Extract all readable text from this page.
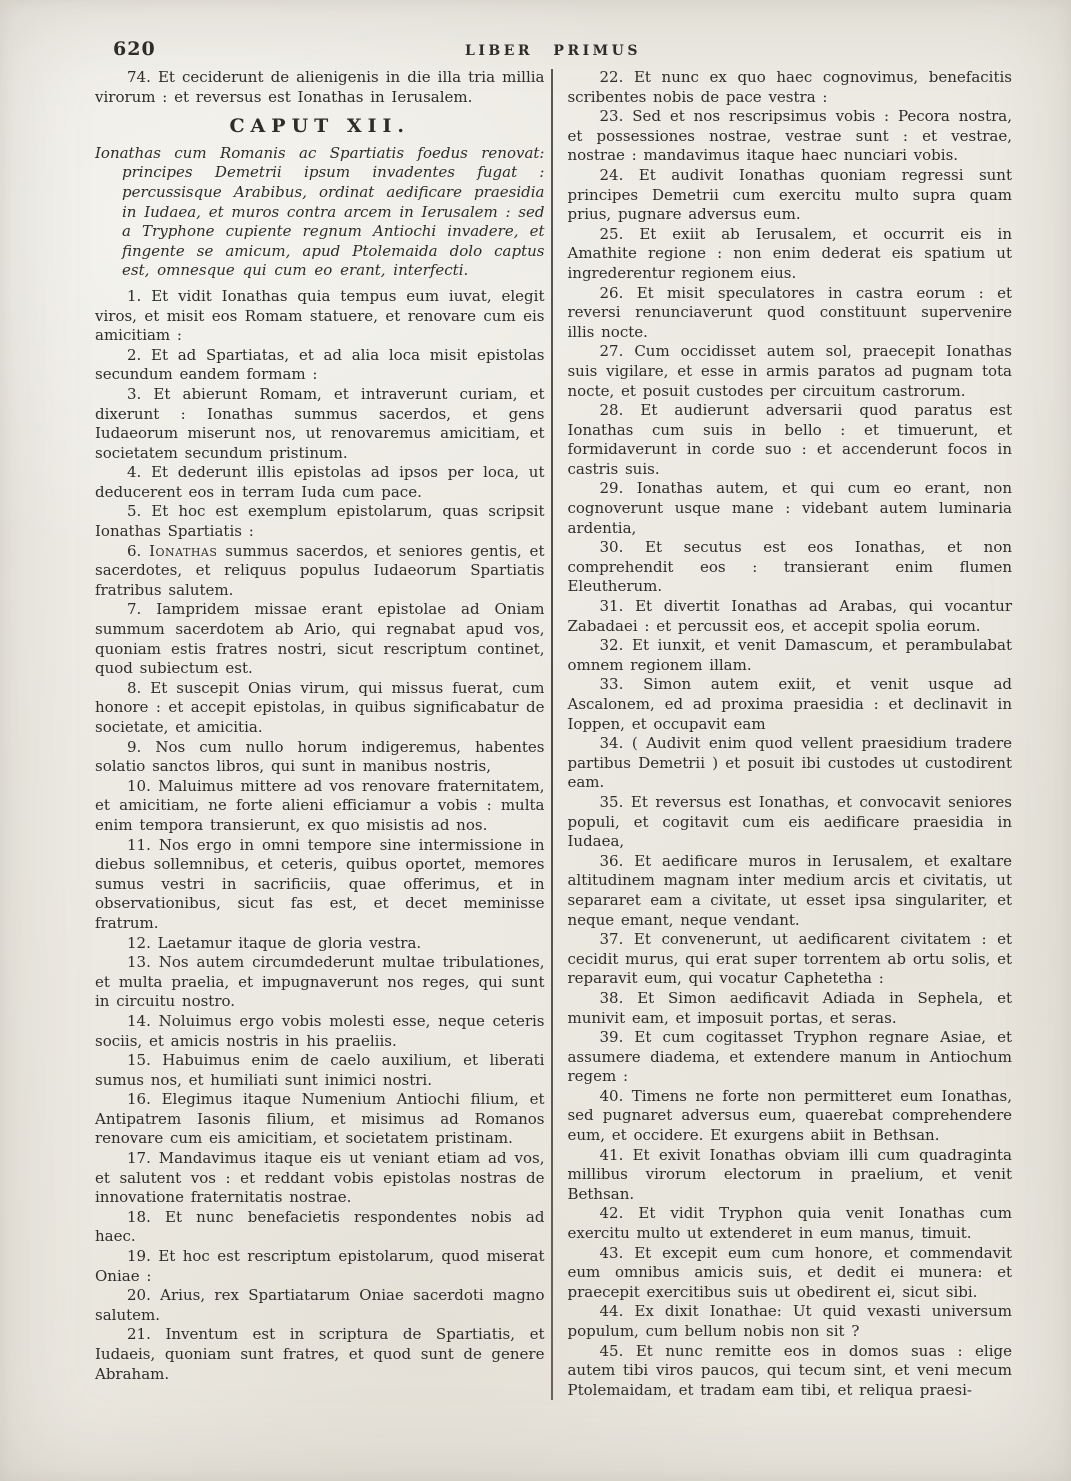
620	LIBER PRIMUS

74. Et ceciderunt de alienigenis in die illa tria millia virorum : et reversus est Ionathas in Ierusalem.

CAPUT XII.

Ionathas cum Romanis ac Spartiatis foedus renovat: principes Demetrii ipsum invadentes fugat : percussisque Arabibus, ordinat aedificare praesidia in Iudaea, et muros contra arcem in Ierusalem : sed a Tryphone cupiente regnum Antiochi invadere, et fingente se amicum, apud Ptolemaida dolo captus est, omnesque qui cum eo erant, interfecti.

1. Et vidit Ionathas quia tempus eum iuvat, elegit viros, et misit eos Romam statuere, et renovare cum eis amicitiam :

2. Et ad Spartiatas, et ad alia loca misit epistolas secundum eandem formam :

3. Et abierunt Romam, et intraverunt curiam, et dixerunt : Ionathas summus sacerdos, et gens Iudaeorum miserunt nos, ut renovaremus amicitiam, et societatem secundum pristinum.

4. Et dederunt illis epistolas ad ipsos per loca, ut deducerent eos in terram Iuda cum pace.

5. Et hoc est exemplum epistolarum, quas scripsit Ionathas Spartiatis :

6. Ionathas summus sacerdos, et seniores gentis, et sacerdotes, et reliquus populus Iudaeorum Spartiatis fratribus salutem.

7. Iampridem missae erant epistolae ad Oniam summum sacerdotem ab Ario, qui regnabat apud vos, quoniam estis fratres nostri, sicut rescriptum continet, quod subiectum est.

8. Et suscepit Onias virum, qui missus fuerat, cum honore : et accepit epistolas, in quibus significabatur de societate, et amicitia.

9. Nos cum nullo horum indigeremus, habentes solatio sanctos libros, qui sunt in manibus nostris,

10. Maluimus mittere ad vos renovare fraternitatem, et amicitiam, ne forte alieni efficiamur a vobis : multa enim tempora transierunt, ex quo misistis ad nos.

11. Nos ergo in omni tempore sine intermissione in diebus sollemnibus, et ceteris, quibus oportet, memores sumus vestri in sacrificiis, quae offerimus, et in observationibus, sicut fas est, et decet meminisse fratrum.

12. Laetamur itaque de gloria vestra.

13. Nos autem circumdederunt multae tribulationes, et multa praelia, et impugnaverunt nos reges, qui sunt in circuitu nostro.

14. Noluimus ergo vobis molesti esse, neque ceteris sociis, et amicis nostris in his praeliis.

15. Habuimus enim de caelo auxilium, et liberati sumus nos, et humiliati sunt inimici nostri.

16. Elegimus itaque Numenium Antiochi filium, et Antipatrem Iasonis filium, et misimus ad Romanos renovare cum eis amicitiam, et societatem pristinam.

17. Mandavimus itaque eis ut veniant etiam ad vos, et salutent vos : et reddant vobis epistolas nostras de innovatione fraternitatis nostrae.

18. Et nunc benefacietis respondentes nobis ad haec.

19. Et hoc est rescriptum epistolarum, quod miserat Oniae :

20. Arius, rex Spartiatarum Oniae sacerdoti magno salutem.

21. Inventum est in scriptura de Spartiatis, et Iudaeis, quoniam sunt fratres, et quod sunt de genere Abraham.

22. Et nunc ex quo haec cognovimus, benefacitis scribentes nobis de pace vestra :

23. Sed et nos rescripsimus vobis : Pecora nostra, et possessiones nostrae, vestrae sunt : et vestrae, nostrae : mandavimus itaque haec nunciari vobis.

24. Et audivit Ionathas quoniam regressi sunt principes Demetrii cum exercitu multo supra quam prius, pugnare adversus eum.

25. Et exiit ab Ierusalem, et occurrit eis in Amathite regione : non enim dederat eis spatium ut ingrederentur regionem eius.

26. Et misit speculatores in castra eorum : et reversi renunciaverunt quod constituunt supervenire illis nocte.

27. Cum occidisset autem sol, praecepit Ionathas suis vigilare, et esse in armis paratos ad pugnam tota nocte, et posuit custodes per circuitum castrorum.

28. Et audierunt adversarii quod paratus est Ionathas cum suis in bello : et timuerunt, et formidaverunt in corde suo : et accenderunt focos in castris suis.

29. Ionathas autem, et qui cum eo erant, non cognoverunt usque mane : videbant autem luminaria ardentia,

30. Et secutus est eos Ionathas, et non comprehendit eos : transierant enim flumen Eleutherum.

31. Et divertit Ionathas ad Arabas, qui vocantur Zabadaei : et percussit eos, et accepit spolia eorum.

32. Et iunxit, et venit Damascum, et perambulabat omnem regionem illam.

33. Simon autem exiit, et venit usque ad Ascalonem, ed ad proxima praesidia : et declinavit in Ioppen, et occupavit eam

34. ( Audivit enim quod vellent praesidium tradere partibus Demetrii ) et posuit ibi custodes ut custodirent eam.

35. Et reversus est Ionathas, et convocavit seniores populi, et cogitavit cum eis aedificare praesidia in Iudaea,

36. Et aedificare muros in Ierusalem, et exaltare altitudinem magnam inter medium arcis et civitatis, ut separaret eam a civitate, ut esset ipsa singulariter, et neque emant, neque vendant.

37. Et convenerunt, ut aedificarent civitatem : et cecidit murus, qui erat super torrentem ab ortu solis, et reparavit eum, qui vocatur Caphetetha :

38. Et Simon aedificavit Adiada in Sephela, et munivit eam, et imposuit portas, et seras.

39. Et cum cogitasset Tryphon regnare Asiae, et assumere diadema, et extendere manum in Antiochum regem :

40. Timens ne forte non permitteret eum Ionathas, sed pugnaret adversus eum, quaerebat comprehendere eum, et occidere. Et exurgens abiit in Bethsan.

41. Et exivit Ionathas obviam illi cum quadraginta millibus virorum electorum in praelium, et venit Bethsan.

42. Et vidit Tryphon quia venit Ionathas cum exercitu multo ut extenderet in eum manus, timuit.

43. Et excepit eum cum honore, et commendavit eum omnibus amicis suis, et dedit ei munera: et praecepit exercitibus suis ut obedirent ei, sicut sibi.

44. Ex dixit Ionathae: Ut quid vexasti universum populum, cum bellum nobis non sit ?

45. Et nunc remitte eos in domos suas : elige autem tibi viros paucos, qui tecum sint, et veni mecum Ptolemaidam, et tradam eam tibi, et reliqua praesi-
